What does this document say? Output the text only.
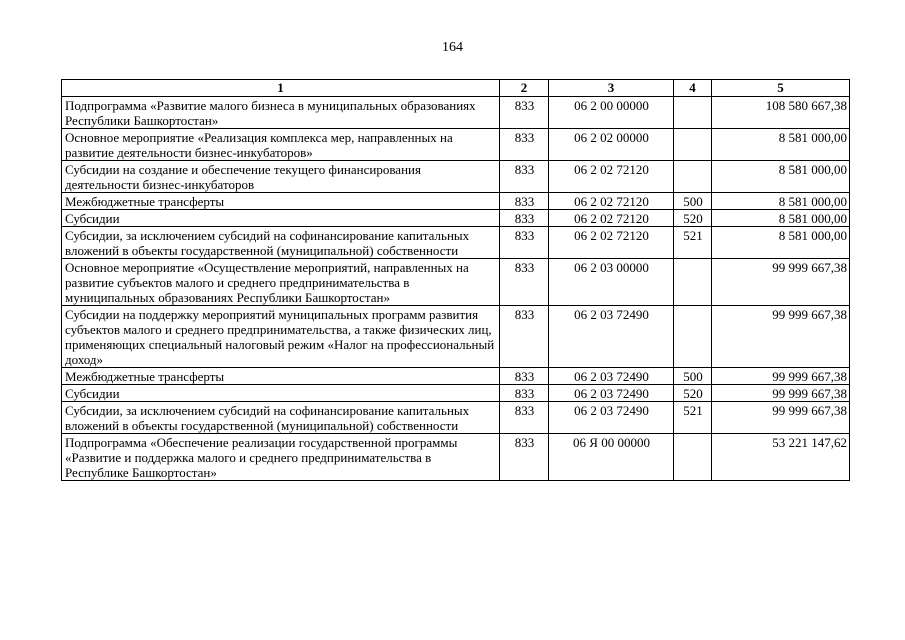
164
1	2	3	4	5
Подпрограмма «Развитие малого бизнеса в муниципальных образованиях Республики Башкортостан»	833	06 2 00 00000		108 580 667,38
Основное мероприятие «Реализация комплекса мер, направленных на развитие деятельности бизнес-инкубаторов»	833	06 2 02 00000		8 581 000,00
Субсидии на создание и обеспечение текущего финансирования деятельности бизнес-инкубаторов	833	06 2 02 72120		8 581 000,00
Межбюджетные трансферты	833	06 2 02 72120	500	8 581 000,00
Субсидии	833	06 2 02 72120	520	8 581 000,00
Субсидии, за исключением субсидий на софинансирование капитальных вложений в объекты государственной (муниципальной) собственности	833	06 2 02 72120	521	8 581 000,00
Основное мероприятие «Осуществление мероприятий, направленных на развитие субъектов малого и среднего предпринимательства в муниципальных образованиях Республики Башкортостан»	833	06 2 03 00000		99 999 667,38
Субсидии на поддержку мероприятий муниципальных программ развития субъектов малого и среднего предпринимательства, а также физических лиц, применяющих специальный налоговый режим «Налог на профессиональный доход»	833	06 2 03 72490		99 999 667,38
Межбюджетные трансферты	833	06 2 03 72490	500	99 999 667,38
Субсидии	833	06 2 03 72490	520	99 999 667,38
Субсидии, за исключением субсидий на софинансирование капитальных вложений в объекты государственной (муниципальной) собственности	833	06 2 03 72490	521	99 999 667,38
Подпрограмма «Обеспечение реализации государственной программы «Развитие и поддержка малого и среднего предпринимательства в Республике Башкортостан»	833	06 Я 00 00000		53 221 147,62
